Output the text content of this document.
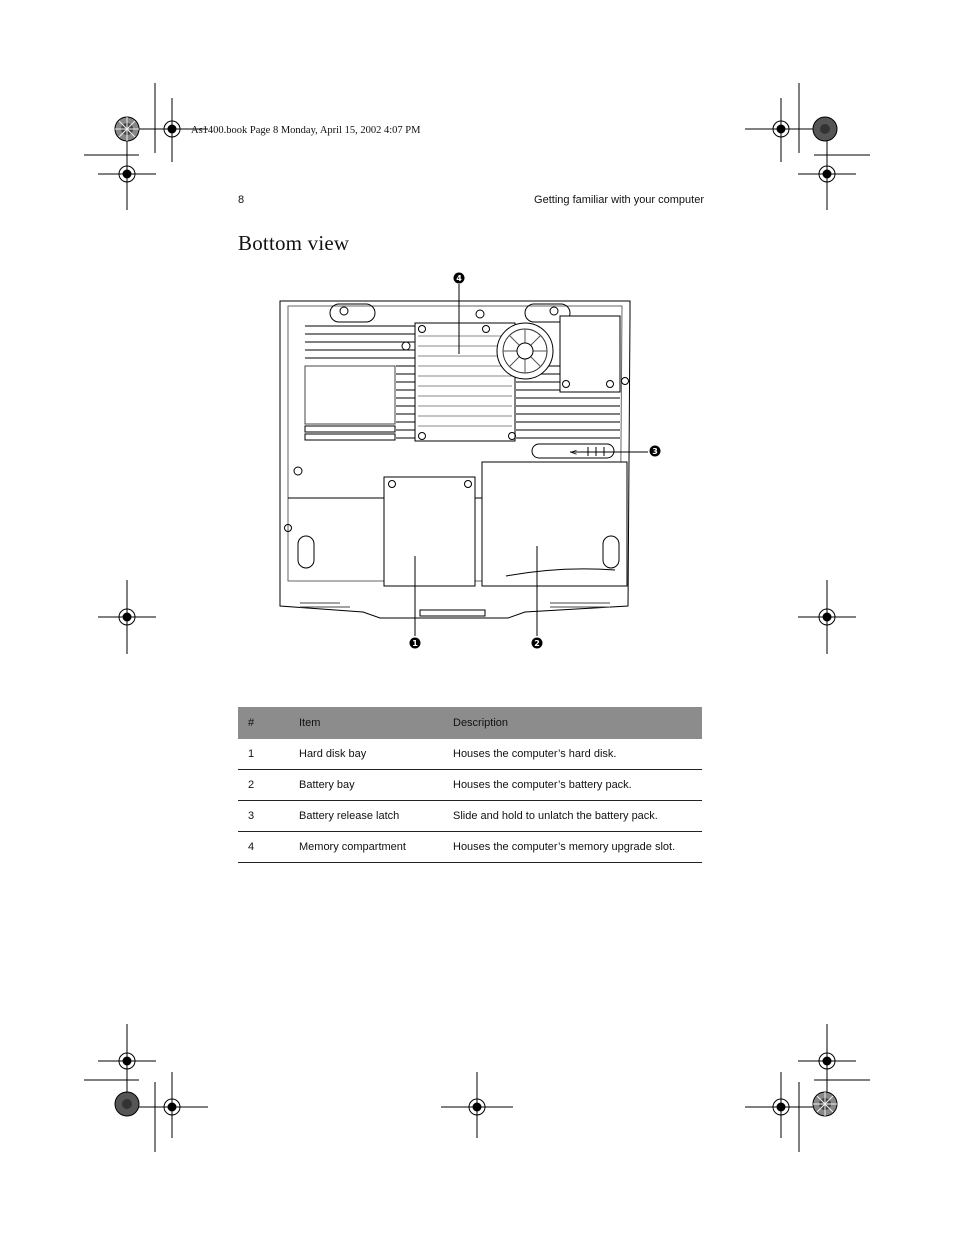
As1400.book Page 8 Monday, April 15, 2002 4:07 PM
8	Getting familiar with your computer
Bottom view
<
4
1	2
3
#	Item	Description
1	Hard disk bay	Houses the computer’s hard disk.
2	Battery bay	Houses the computer’s battery pack.
3	Battery release latch	Slide and hold to unlatch the battery pack.
4	Memory compartment	Houses the computer’s memory upgrade slot.
